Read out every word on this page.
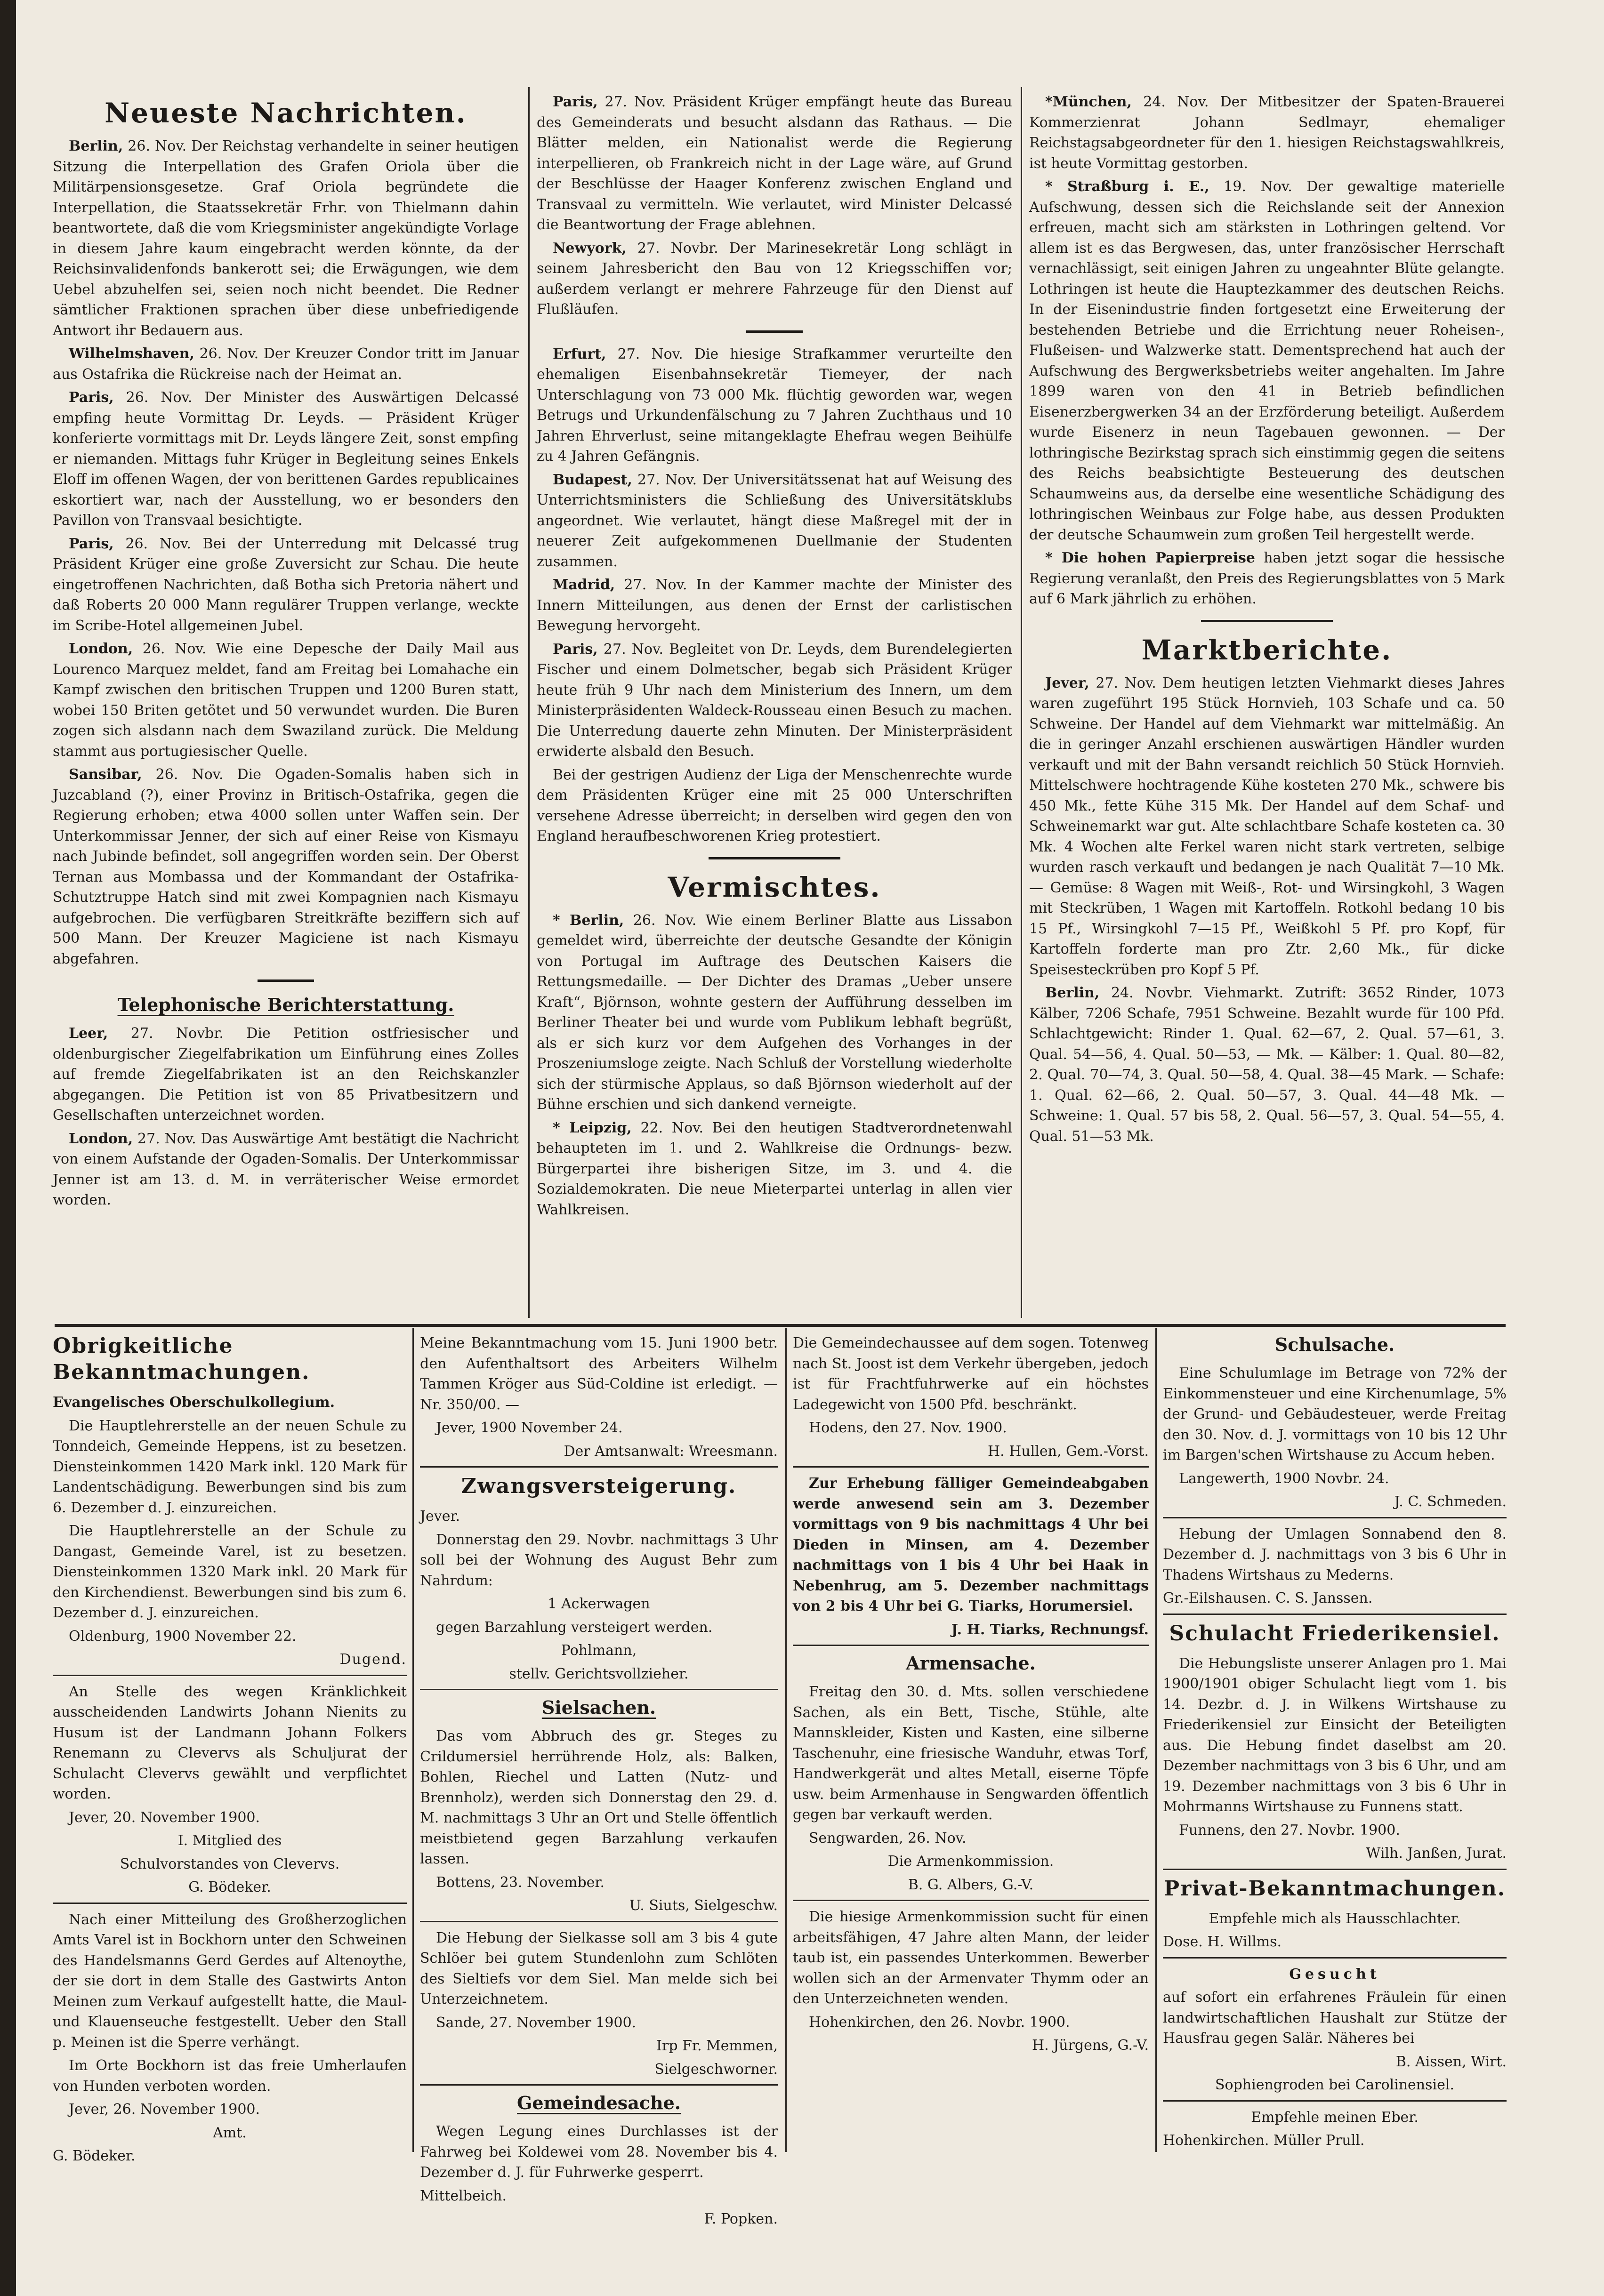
Neueste Nachrichten.

Berlin, 26. Nov. Der Reichstag verhandelte in seiner heutigen Sitzung die Interpellation des Grafen Oriola über die Militärpensionsgesetze. Graf Oriola begründete die Interpellation, die Staatssekretär Frhr. von Thielmann dahin beantwortete, daß die vom Kriegsminister angekündigte Vorlage in diesem Jahre kaum eingebracht werden könnte, da der Reichsinvalidenfonds bankerott sei; die Erwägungen, wie dem Uebel abzuhelfen sei, seien noch nicht beendet. Die Redner sämtlicher Fraktionen sprachen über diese unbefriedigende Antwort ihr Bedauern aus.

Wilhelmshaven, 26. Nov. Der Kreuzer Condor tritt im Januar aus Ostafrika die Rückreise nach der Heimat an.

Paris, 26. Nov. Der Minister des Auswärtigen Delcassé empfing heute Vormittag Dr. Leyds. — Präsident Krüger konferierte vormittags mit Dr. Leyds längere Zeit, sonst empfing er niemanden. Mittags fuhr Krüger in Begleitung seines Enkels Eloff im offenen Wagen, der von berittenen Gardes republicaines eskortiert war, nach der Ausstellung, wo er besonders den Pavillon von Transvaal besichtigte.

Paris, 26. Nov. Bei der Unterredung mit Delcassé trug Präsident Krüger eine große Zuversicht zur Schau. Die heute eingetroffenen Nachrichten, daß Botha sich Pretoria nähert und daß Roberts 20 000 Mann regulärer Truppen verlange, weckte im Scribe-Hotel allgemeinen Jubel.

London, 26. Nov. Wie eine Depesche der Daily Mail aus Lourenco Marquez meldet, fand am Freitag bei Lomahache ein Kampf zwischen den britischen Truppen und 1200 Buren statt, wobei 150 Briten getötet und 50 verwundet wurden. Die Buren zogen sich alsdann nach dem Swaziland zurück. Die Meldung stammt aus portugiesischer Quelle.

Sansibar, 26. Nov. Die Ogaden-Somalis haben sich in Juzcabland (?), einer Provinz in Britisch-Ostafrika, gegen die Regierung erhoben; etwa 4000 sollen unter Waffen sein. Der Unterkommissar Jenner, der sich auf einer Reise von Kismayu nach Jubinde befindet, soll angegriffen worden sein. Der Oberst Ternan aus Mombassa und der Kommandant der Ostafrika-Schutztruppe Hatch sind mit zwei Kompagnien nach Kismayu aufgebrochen. Die verfügbaren Streitkräfte beziffern sich auf 500 Mann. Der Kreuzer Magiciene ist nach Kismayu abgefahren.

Telephonische Berichterstattung.

Leer, 27. Novbr. Die Petition ostfriesischer und oldenburgischer Ziegelfabrikation um Einführung eines Zolles auf fremde Ziegelfabrikaten ist an den Reichskanzler abgegangen. Die Petition ist von 85 Privatbesitzern und Gesellschaften unterzeichnet worden.

London, 27. Nov. Das Auswärtige Amt bestätigt die Nachricht von einem Aufstande der Ogaden-Somalis. Der Unterkommissar Jenner ist am 13. d. M. in verräterischer Weise ermordet worden.

Paris, 27. Nov. Präsident Krüger empfängt heute das Bureau des Gemeinderats und besucht alsdann das Rathaus. — Die Blätter melden, ein Nationalist werde die Regierung interpellieren, ob Frankreich nicht in der Lage wäre, auf Grund der Beschlüsse der Haager Konferenz zwischen England und Transvaal zu vermitteln. Wie verlautet, wird Minister Delcassé die Beantwortung der Frage ablehnen.

Newyork, 27. Novbr. Der Marinesekretär Long schlägt in seinem Jahresbericht den Bau von 12 Kriegsschiffen vor; außerdem verlangt er mehrere Fahrzeuge für den Dienst auf Flußläufen.

Erfurt, 27. Nov. Die hiesige Strafkammer verurteilte den ehemaligen Eisenbahnsekretär Tiemeyer, der nach Unterschlagung von 73 000 Mk. flüchtig geworden war, wegen Betrugs und Urkundenfälschung zu 7 Jahren Zuchthaus und 10 Jahren Ehrverlust, seine mitangeklagte Ehefrau wegen Beihülfe zu 4 Jahren Gefängnis.

Budapest, 27. Nov. Der Universitätssenat hat auf Weisung des Unterrichtsministers die Schließung des Universitätsklubs angeordnet. Wie verlautet, hängt diese Maßregel mit der in neuerer Zeit aufgekommenen Duellmanie der Studenten zusammen.

Madrid, 27. Nov. In der Kammer machte der Minister des Innern Mitteilungen, aus denen der Ernst der carlistischen Bewegung hervorgeht.

Paris, 27. Nov. Begleitet von Dr. Leyds, dem Burendelegierten Fischer und einem Dolmetscher, begab sich Präsident Krüger heute früh 9 Uhr nach dem Ministerium des Innern, um dem Ministerpräsidenten Waldeck-Rousseau einen Besuch zu machen. Die Unterredung dauerte zehn Minuten. Der Ministerpräsident erwiderte alsbald den Besuch.

Bei der gestrigen Audienz der Liga der Menschenrechte wurde dem Präsidenten Krüger eine mit 25 000 Unterschriften versehene Adresse überreicht; in derselben wird gegen den von England heraufbeschworenen Krieg protestiert.

Vermischtes.

* Berlin, 26. Nov. Wie einem Berliner Blatte aus Lissabon gemeldet wird, überreichte der deutsche Gesandte der Königin von Portugal im Auftrage des Deutschen Kaisers die Rettungsmedaille. — Der Dichter des Dramas „Ueber unsere Kraft“, Björnson, wohnte gestern der Aufführung desselben im Berliner Theater bei und wurde vom Publikum lebhaft begrüßt, als er sich kurz vor dem Aufgehen des Vorhanges in der Proszeniumsloge zeigte. Nach Schluß der Vorstellung wiederholte sich der stürmische Applaus, so daß Björnson wiederholt auf der Bühne erschien und sich dankend verneigte.

* Leipzig, 22. Nov. Bei den heutigen Stadtverordnetenwahl behaupteten im 1. und 2. Wahlkreise die Ordnungs- bezw. Bürgerpartei ihre bisherigen Sitze, im 3. und 4. die Sozialdemokraten. Die neue Mieterpartei unterlag in allen vier Wahlkreisen.

*München, 24. Nov. Der Mitbesitzer der Spaten-Brauerei Kommerzienrat Johann Sedlmayr, ehemaliger Reichstagsabgeordneter für den 1. hiesigen Reichstagswahlkreis, ist heute Vormittag gestorben.

* Straßburg i. E., 19. Nov. Der gewaltige materielle Aufschwung, dessen sich die Reichslande seit der Annexion erfreuen, macht sich am stärksten in Lothringen geltend. Vor allem ist es das Bergwesen, das, unter französischer Herrschaft vernachlässigt, seit einigen Jahren zu ungeahnter Blüte gelangte. Lothringen ist heute die Hauptezkammer des deutschen Reichs. In der Eisenindustrie finden fortgesetzt eine Erweiterung der bestehenden Betriebe und die Errichtung neuer Roheisen-, Flußeisen- und Walzwerke statt. Dementsprechend hat auch der Aufschwung des Bergwerksbetriebs weiter angehalten. Im Jahre 1899 waren von den 41 in Betrieb befindlichen Eisenerzbergwerken 34 an der Erzförderung beteiligt. Außerdem wurde Eisenerz in neun Tagebauen gewonnen. — Der lothringische Bezirkstag sprach sich einstimmig gegen die seitens des Reichs beabsichtigte Besteuerung des deutschen Schaumweins aus, da derselbe eine wesentliche Schädigung des lothringischen Weinbaus zur Folge habe, aus dessen Produkten der deutsche Schaumwein zum großen Teil hergestellt werde.

* Die hohen Papierpreise haben jetzt sogar die hessische Regierung veranlaßt, den Preis des Regierungsblattes von 5 Mark auf 6 Mark jährlich zu erhöhen.

Marktberichte.

Jever, 27. Nov. Dem heutigen letzten Viehmarkt dieses Jahres waren zugeführt 195 Stück Hornvieh, 103 Schafe und ca. 50 Schweine. Der Handel auf dem Viehmarkt war mittelmäßig. An die in geringer Anzahl erschienen auswärtigen Händler wurden verkauft und mit der Bahn versandt reichlich 50 Stück Hornvieh. Mittelschwere hochtragende Kühe kosteten 270 Mk., schwere bis 450 Mk., fette Kühe 315 Mk. Der Handel auf dem Schaf- und Schweinemarkt war gut. Alte schlachtbare Schafe kosteten ca. 30 Mk. 4 Wochen alte Ferkel waren nicht stark vertreten, selbige wurden rasch verkauft und bedangen je nach Qualität 7—10 Mk. — Gemüse: 8 Wagen mit Weiß-, Rot- und Wirsingkohl, 3 Wagen mit Steckrüben, 1 Wagen mit Kartoffeln. Rotkohl bedang 10 bis 15 Pf., Wirsingkohl 7—15 Pf., Weißkohl 5 Pf. pro Kopf, für Kartoffeln forderte man pro Ztr. 2,60 Mk., für dicke Speisesteckrüben pro Kopf 5 Pf.

Berlin, 24. Novbr. Viehmarkt. Zutrift: 3652 Rinder, 1073 Kälber, 7206 Schafe, 7951 Schweine. Bezahlt wurde für 100 Pfd. Schlachtgewicht: Rinder 1. Qual. 62—67, 2. Qual. 57—61, 3. Qual. 54—56, 4. Qual. 50—53, — Mk. — Kälber: 1. Qual. 80—82, 2. Qual. 70—74, 3. Qual. 50—58, 4. Qual. 38—45 Mark. — Schafe: 1. Qual. 62—66, 2. Qual. 50—57, 3. Qual. 44—48 Mk. — Schweine: 1. Qual. 57 bis 58, 2. Qual. 56—57, 3. Qual. 54—55, 4. Qual. 51—53 Mk.

Obrigkeitliche Bekanntmachungen.

Evangelisches Oberschulkollegium.

Die Hauptlehrerstelle an der neuen Schule zu Tonndeich, Gemeinde Heppens, ist zu besetzen. Diensteinkommen 1420 Mark inkl. 120 Mark für Landentschädigung. Bewerbungen sind bis zum 6. Dezember d. J. einzureichen.

Die Hauptlehrerstelle an der Schule zu Dangast, Gemeinde Varel, ist zu besetzen. Diensteinkommen 1320 Mark inkl. 20 Mark für den Kirchendienst. Bewerbungen sind bis zum 6. Dezember d. J. einzureichen.

Oldenburg, 1900 November 22.

Dugend.

An Stelle des wegen Kränklichkeit ausscheidenden Landwirts Johann Nienits zu Husum ist der Landmann Johann Folkers Renemann zu Clevervs als Schuljurat der Schulacht Clevervs gewählt und verpflichtet worden.

Jever, 20. November 1900.

I. Mitglied des

Schulvorstandes von Clevervs.

G. Bödeker.

Nach einer Mitteilung des Großherzoglichen Amts Varel ist in Bockhorn unter den Schweinen des Handelsmanns Gerd Gerdes auf Altenoythe, der sie dort in dem Stalle des Gastwirts Anton Meinen zum Verkauf aufgestellt hatte, die Maul- und Klauenseuche festgestellt. Ueber den Stall p. Meinen ist die Sperre verhängt.

Im Orte Bockhorn ist das freie Umherlaufen von Hunden verboten worden.

Jever, 26. November 1900.

Amt.

G. Bödeker.

Meine Bekanntmachung vom 15. Juni 1900 betr. den Aufenthaltsort des Arbeiters Wilhelm Tammen Kröger aus Süd-Coldine ist erledigt. — Nr. 350/00. —

Jever, 1900 November 24.

Der Amtsanwalt: Wreesmann.

Zwangsversteigerung.

Jever.

Donnerstag den 29. Novbr. nachmittags 3 Uhr soll bei der Wohnung des August Behr zum Nahrdum:

1 Ackerwagen

gegen Barzahlung versteigert werden.

Pohlmann,

stellv. Gerichtsvollzieher.

Sielsachen.

Das vom Abbruch des gr. Steges zu Crildumersiel herrührende Holz, als: Balken, Bohlen, Riechel und Latten (Nutz- und Brennholz), werden sich Donnerstag den 29. d. M. nachmittags 3 Uhr an Ort und Stelle öffentlich meistbietend gegen Barzahlung verkaufen lassen.

Bottens, 23. November.

U. Siuts, Sielgeschw.

Die Hebung der Sielkasse soll am 3 bis 4 gute Schlöer bei gutem Stundenlohn zum Schlöten des Sieltiefs vor dem Siel. Man melde sich bei Unterzeichnetem.

Sande, 27. November 1900.

Irp Fr. Memmen,

Sielgeschworner.

Gemeindesache.

Wegen Legung eines Durchlasses ist der Fahrweg bei Koldewei vom 28. November bis 4. Dezember d. J. für Fuhrwerke gesperrt.

Mittelbeich.

F. Popken.

Die Gemeindechaussee auf dem sogen. Totenweg nach St. Joost ist dem Verkehr übergeben, jedoch ist für Frachtfuhrwerke auf ein höchstes Ladegewicht von 1500 Pfd. beschränkt.

Hodens, den 27. Nov. 1900.

H. Hullen, Gem.-Vorst.

Zur Erhebung fälliger Gemeindeabgaben werde anwesend sein am 3. Dezember vormittags von 9 bis nachmittags 4 Uhr bei Dieden in Minsen, am 4. Dezember nachmittags von 1 bis 4 Uhr bei Haak in Nebenhrug, am 5. Dezember nachmittags von 2 bis 4 Uhr bei G. Tiarks, Horumersiel.

J. H. Tiarks, Rechnungsf.

Armensache.

Freitag den 30. d. Mts. sollen verschiedene Sachen, als ein Bett, Tische, Stühle, alte Mannskleider, Kisten und Kasten, eine silberne Taschenuhr, eine friesische Wanduhr, etwas Torf, Handwerkgerät und altes Metall, eiserne Töpfe usw. beim Armenhause in Sengwarden öffentlich gegen bar verkauft werden.

Sengwarden, 26. Nov.

Die Armenkommission.

B. G. Albers, G.-V.

Die hiesige Armenkommission sucht für einen arbeitsfähigen, 47 Jahre alten Mann, der leider taub ist, ein passendes Unterkommen. Bewerber wollen sich an der Armenvater Thymm oder an den Unterzeichneten wenden.

Hohenkirchen, den 26. Novbr. 1900.

H. Jürgens, G.-V.

Schulsache.

Eine Schulumlage im Betrage von 72% der Einkommensteuer und eine Kirchenumlage, 5% der Grund- und Gebäudesteuer, werde Freitag den 30. Nov. d. J. vormittags von 10 bis 12 Uhr im Bargen'schen Wirtshause zu Accum heben.

Langewerth, 1900 Novbr. 24.

J. C. Schmeden.

Hebung der Umlagen Sonnabend den 8. Dezember d. J. nachmittags von 3 bis 6 Uhr in Thadens Wirtshaus zu Mederns.

Gr.-Eilshausen. C. S. Janssen.

Schulacht Friederikensiel.

Die Hebungsliste unserer Anlagen pro 1. Mai 1900/1901 obiger Schulacht liegt vom 1. bis 14. Dezbr. d. J. in Wilkens Wirtshause zu Friederikensiel zur Einsicht der Beteiligten aus. Die Hebung findet daselbst am 20. Dezember nachmittags von 3 bis 6 Uhr, und am 19. Dezember nachmittags von 3 bis 6 Uhr in Mohrmanns Wirtshause zu Funnens statt.

Funnens, den 27. Novbr. 1900.

Wilh. Janßen, Jurat.

Privat-Bekanntmachungen.

Empfehle mich als Hausschlachter.

Dose. H. Willms.

Gesucht

auf sofort ein erfahrenes Fräulein für einen landwirtschaftlichen Haushalt zur Stütze der Hausfrau gegen Salär. Näheres bei

B. Aissen, Wirt.

Sophiengroden bei Carolinensiel.

Empfehle meinen Eber.

Hohenkirchen. Müller Prull.
